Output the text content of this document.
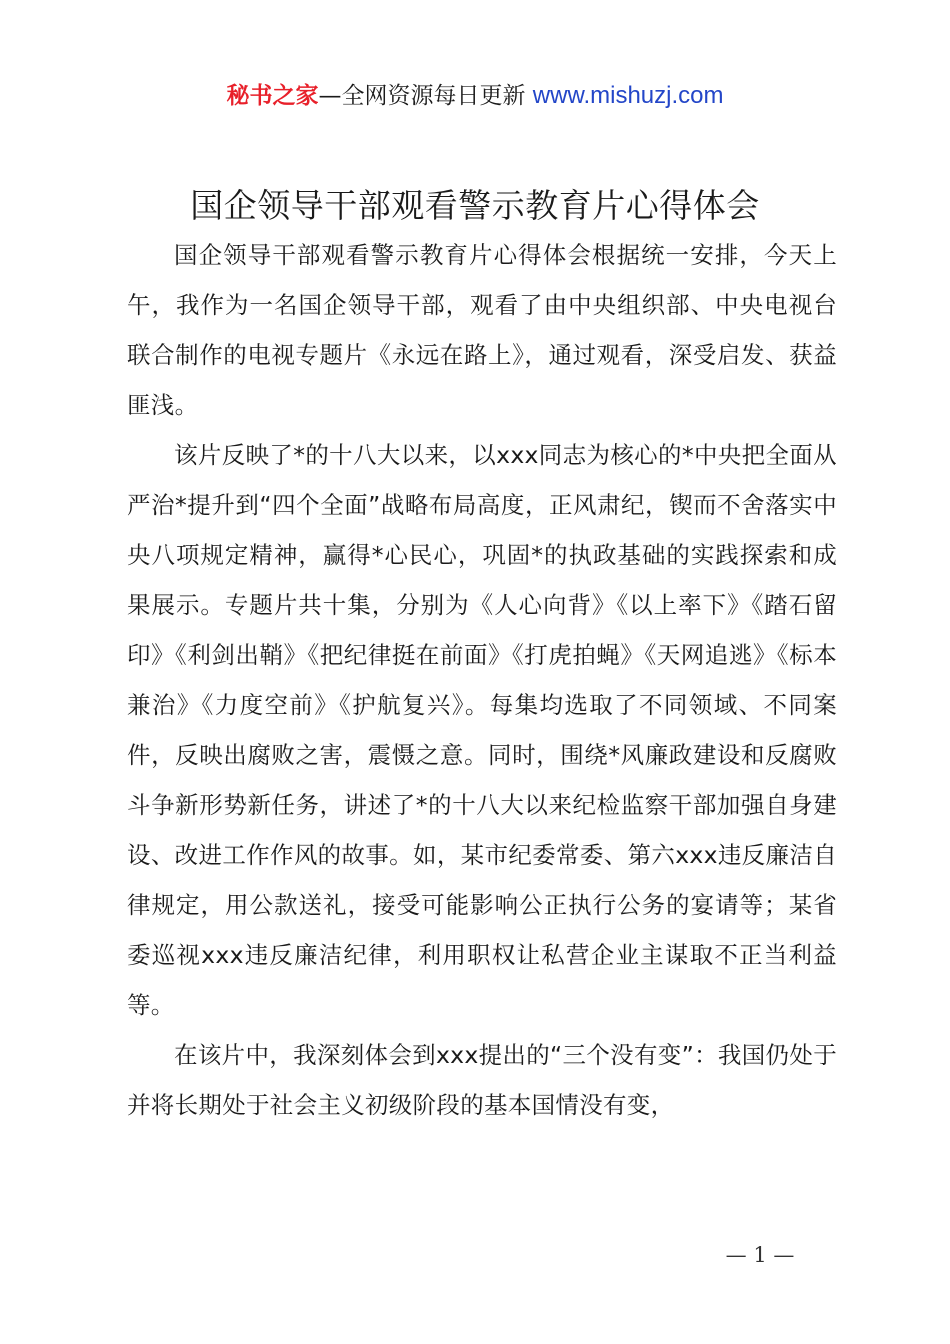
秘书之家—全网资源每日更新 www.mishuzj.com
国企领导干部观看警示教育片心得体会

国企领导干部观看警示教育片心得体会根据统一安排，今天上午，我作为一名国企领导干部，观看了由中央组织部、中央电视台联合制作的电视专题片《永远在路上》，通过观看，深受启发、获益匪浅。

该片反映了*的十八大以来，以xxx同志为核心的*中央把全面从严治*提升到“四个全面”战略布局高度，正风肃纪，锲而不舍落实中央八项规定精神，赢得*心民心，巩固*的执政基础的实践探索和成果展示。专题片共十集，分别为《人心向背》《以上率下》《踏石留印》《利剑出鞘》《把纪律挺在前面》《打虎拍蝇》《天网追逃》《标本兼治》《力度空前》《护航复兴》。每集均选取了不同领域、不同案件，反映出腐败之害，震慑之意。同时，围绕*风廉政建设和反腐败斗争新形势新任务，讲述了*的十八大以来纪检监察干部加强自身建设、改进工作作风的故事。如，某市纪委常委、第六xxx违反廉洁自律规定，用公款送礼，接受可能影响公正执行公务的宴请等；某省委巡视xxx违反廉洁纪律，利用职权让私营企业主谋取不正当利益等。

在该片中，我深刻体会到xxx提出的“三个没有变”：我国仍处于并将长期处于社会主义初级阶段的基本国情没有变，

— 1 —
